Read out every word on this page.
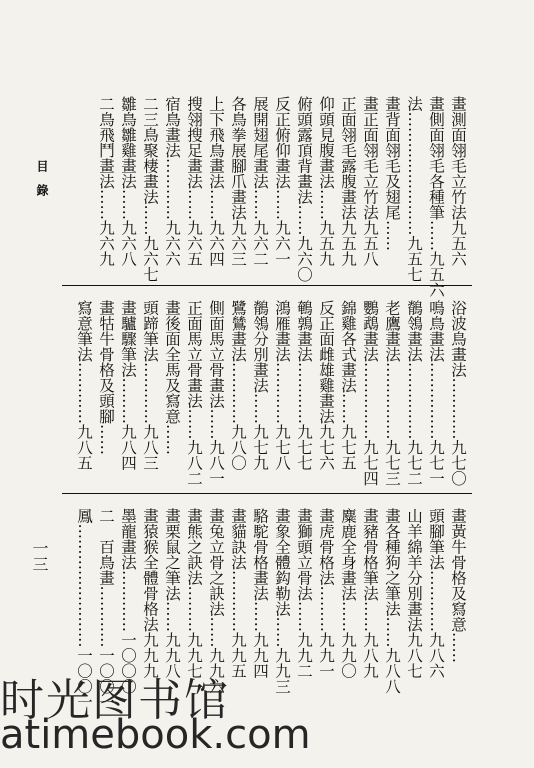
目　錄	畫測面翎毛立竹法九五六
畫側面翎毛各種筆……九五六
法……………………九五七
畫背面翎毛及翅尾……
畫正面翎毛立竹法九五八
正面翎毛露腹畫法九五九
仰頭見腹畫法……九五九
俯頭露頂背畫法……九六〇
反正俯仰畫法……九六一
展開翅尾畫法……九六二
各鳥拳展腳爪畫法九六三
上下飛鳥畫法……九六四
搜翎搜足畫法……九六五
宿鳥畫法…………九六六
二三鳥聚棲畫法……九六七
雛鳥雛雞畫法……九六八
二鳥飛鬥畫法……九六九
浴波鳥畫法…………九七〇
鳴鳥畫法……………九七一
鶺鴒畫法……………九七二
老鷹畫法……………九七三
鸚鵡畫法……………九七四
錦雞各式畫法……九七五
反正面雌雄雞畫法九七六
鵪鶉畫法…………九七七
鴻雁畫法…………九七八
鶺鴒分別畫法……九七九
鷺鷥畫法…………九八〇
側面馬立骨畫法……九八一
正面馬立骨畫法……九八二
畫後面全馬及寫意……
頭蹄筆法…………九八三
畫驢驟筆法………九八四
畫牯牛骨格及頭腳……
寫意筆法…………九八五
畫黃牛骨格及寫意……
頭腳筆法…………九八六
山羊綿羊分別畫法九八七
畫各種狗之筆法……九八八
畫豬骨格筆法……九八九
麋鹿全身畫法……九九〇
畫虎骨格法………九九一
畫獅頭立骨法……九九二
畫象全體鈎勒法……九九三
駱駝骨格畫法……九九四
畫貓訣法…………九九五
畫兔立骨之訣法……九九六
畫熊之訣法………九九七
畫栗鼠之筆法……九九八
畫猿猴全體骨格法九九九
墨龍畫法…………一〇〇〇
二　百鳥畫…………一〇〇一
鳳……………………一〇〇一
一三
时光图书馆
atimebook.com
